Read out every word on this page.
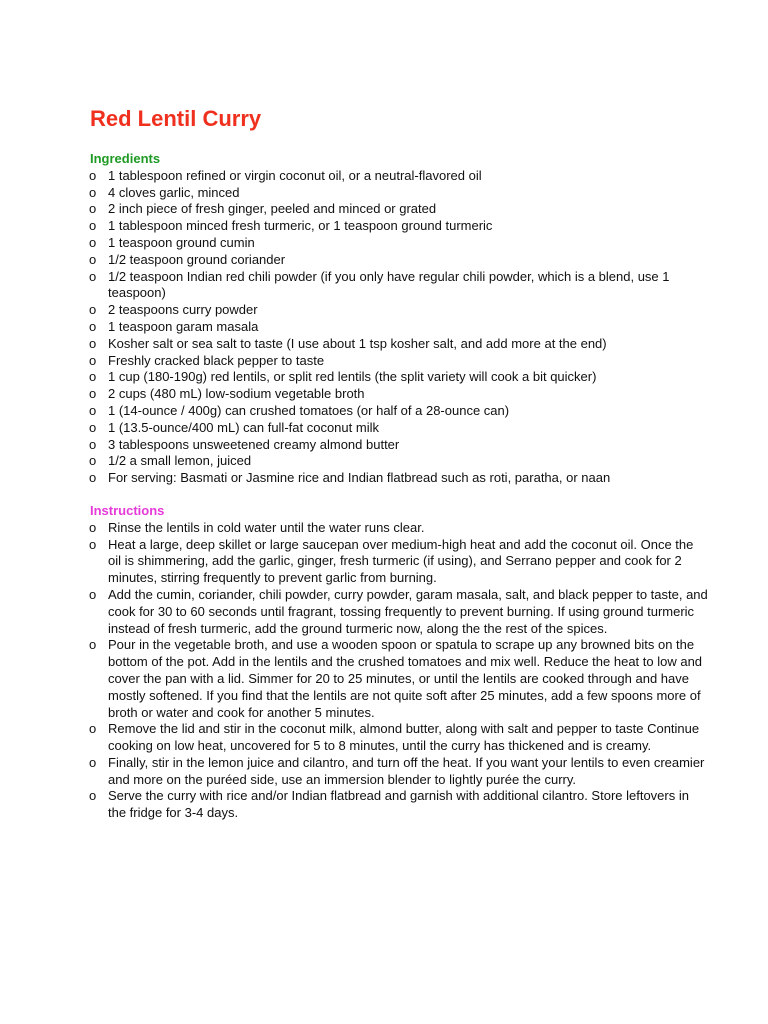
Red Lentil Curry
Ingredients
o 1 tablespoon refined or virgin coconut oil, or a neutral-flavored oil
o 4 cloves garlic, minced
o 2 inch piece of fresh ginger, peeled and minced or grated
o 1 tablespoon minced fresh turmeric, or 1 teaspoon ground turmeric
o 1 teaspoon ground cumin
o 1/2 teaspoon ground coriander
o 1/2 teaspoon Indian red chili powder (if you only have regular chili powder, which is a blend, use 1 teaspoon)
o 2 teaspoons curry powder
o 1 teaspoon garam masala
o Kosher salt or sea salt to taste (I use about 1 tsp kosher salt, and add more at the end)
o Freshly cracked black pepper to taste
o 1 cup (180-190g) red lentils, or split red lentils (the split variety will cook a bit quicker)
o 2 cups (480 mL) low-sodium vegetable broth
o 1 (14-ounce / 400g) can crushed tomatoes (or half of a 28-ounce can)
o 1 (13.5-ounce/400 mL) can full-fat coconut milk
o 3 tablespoons unsweetened creamy almond butter
o 1/2 a small lemon, juiced
o For serving: Basmati or Jasmine rice and Indian flatbread such as roti, paratha, or naan
Instructions
o Rinse the lentils in cold water until the water runs clear.
o Heat a large, deep skillet or large saucepan over medium-high heat and add the coconut oil. Once the oil is shimmering, add the garlic, ginger, fresh turmeric (if using), and Serrano pepper and cook for 2 minutes, stirring frequently to prevent garlic from burning.
o Add the cumin, coriander, chili powder, curry powder, garam masala, salt, and black pepper to taste, and cook for 30 to 60 seconds until fragrant, tossing frequently to prevent burning. If using ground turmeric instead of fresh turmeric, add the ground turmeric now, along the the rest of the spices.
o Pour in the vegetable broth, and use a wooden spoon or spatula to scrape up any browned bits on the bottom of the pot. Add in the lentils and the crushed tomatoes and mix well. Reduce the heat to low and cover the pan with a lid. Simmer for 20 to 25 minutes, or until the lentils are cooked through and have mostly softened. If you find that the lentils are not quite soft after 25 minutes, add a few spoons more of broth or water and cook for another 5 minutes.
o Remove the lid and stir in the coconut milk, almond butter, along with salt and pepper to taste Continue cooking on low heat, uncovered for 5 to 8 minutes, until the curry has thickened and is creamy.
o Finally, stir in the lemon juice and cilantro, and turn off the heat. If you want your lentils to even creamier and more on the puréed side, use an immersion blender to lightly purée the curry.
o Serve the curry with rice and/or Indian flatbread and garnish with additional cilantro. Store leftovers in the fridge for 3-4 days.
